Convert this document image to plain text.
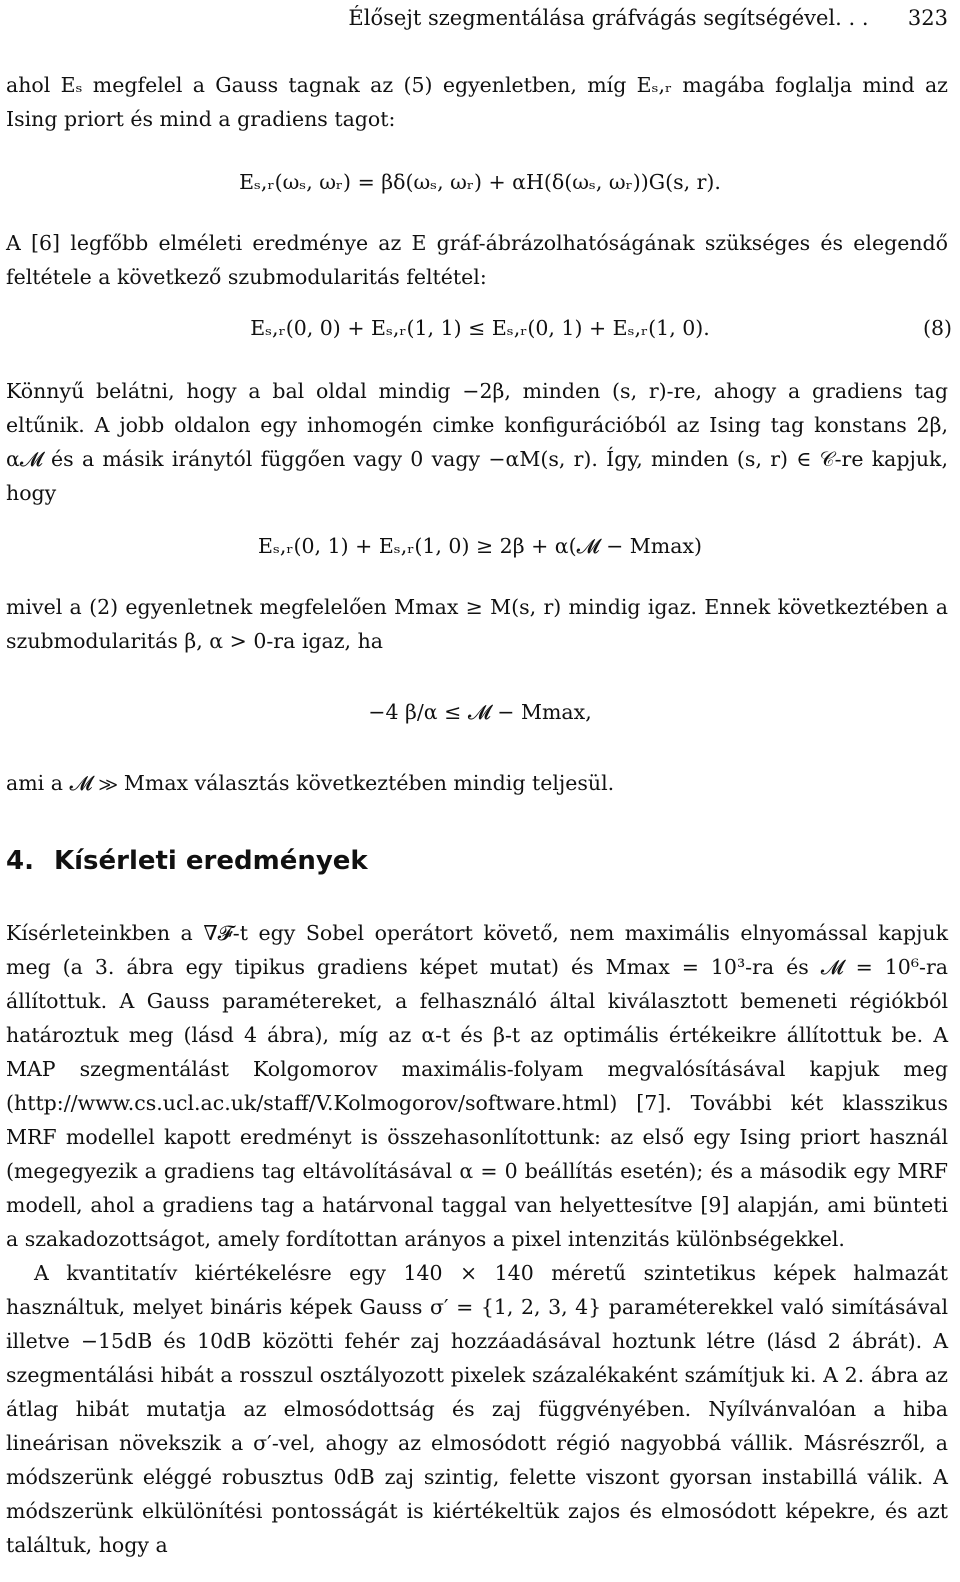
Élősejt szegmentálása gráfvágás segítségével. . . 323

ahol Eₛ megfelel a Gauss tagnak az (5) egyenletben, míg Eₛ,ᵣ magába foglalja mind az Ising priort és mind a gradiens tagot:

Eₛ,ᵣ(ωₛ, ωᵣ) = βδ(ωₛ, ωᵣ) + αH(δ(ωₛ, ωᵣ))G(s, r).

A [6] legfőbb elméleti eredménye az E gráf-ábrázolhatóságának szükséges és elegendő feltétele a következő szubmodularitás feltétel:

Eₛ,ᵣ(0, 0) + Eₛ,ᵣ(1, 1) ≤ Eₛ,ᵣ(0, 1) + Eₛ,ᵣ(1, 0).	(8)

Könnyű belátni, hogy a bal oldal mindig −2β, minden (s, r)-re, ahogy a gradiens tag eltűnik. A jobb oldalon egy inhomogén cimke konfigurációból az Ising tag konstans 2β, α𝓜 és a másik iránytól függően vagy 0 vagy −αM(s, r). Így, minden (s, r) ∈ 𝒞-re kapjuk, hogy

Eₛ,ᵣ(0, 1) + Eₛ,ᵣ(1, 0) ≥ 2β + α(𝓜 − Mmax)

mivel a (2) egyenletnek megfelelően Mmax ≥ M(s, r) mindig igaz. Ennek következtében a szubmodularitás β, α > 0-ra igaz, ha

−4 β/α ≤ 𝓜 − Mmax,

ami a 𝓜 ≫ Mmax választás következtében mindig teljesül.

4. Kísérleti eredmények

Kísérleteinkben a ∇𝓕-t egy Sobel operátort követő, nem maximális elnyomással kapjuk meg (a 3. ábra egy tipikus gradiens képet mutat) és Mmax = 10³-ra és 𝓜 = 10⁶-ra állítottuk. A Gauss paramétereket, a felhasználó által kiválasztott bemeneti régiókból határoztuk meg (lásd 4 ábra), míg az α-t és β-t az optimális értékeikre állítottuk be. A MAP szegmentálást Kolgomorov maximális-folyam megvalósításával kapjuk meg (http://www.cs.ucl.ac.uk/staff/V.Kolmogorov/software.html) [7]. További két klasszikus MRF modellel kapott eredményt is összehasonlítottunk: az első egy Ising priort használ (megegyezik a gradiens tag eltávolításával α = 0 beállítás esetén); és a második egy MRF modell, ahol a gradiens tag a határvonal taggal van helyettesítve [9] alapján, ami bünteti a szakadozottságot, amely fordítottan arányos a pixel intenzitás különbségekkel.

A kvantitatív kiértékelésre egy 140 × 140 méretű szintetikus képek halmazát használtuk, melyet bináris képek Gauss σ′ = {1, 2, 3, 4} paraméterekkel való simításával illetve −15dB és 10dB közötti fehér zaj hozzáadásával hoztunk létre (lásd 2 ábrát). A szegmentálási hibát a rosszul osztályozott pixelek százalékaként számítjuk ki. A 2. ábra az átlag hibát mutatja az elmosódottság és zaj függvényében. Nyílvánvalóan a hiba lineárisan növekszik a σ′-vel, ahogy az elmosódott régió nagyobbá vállik. Másrészről, a módszerünk eléggé robusztus 0dB zaj szintig, felette viszont gyorsan instabillá válik. A módszerünk elkülönítési pontosságát is kiértékeltük zajos és elmosódott képekre, és azt találtuk, hogy a
